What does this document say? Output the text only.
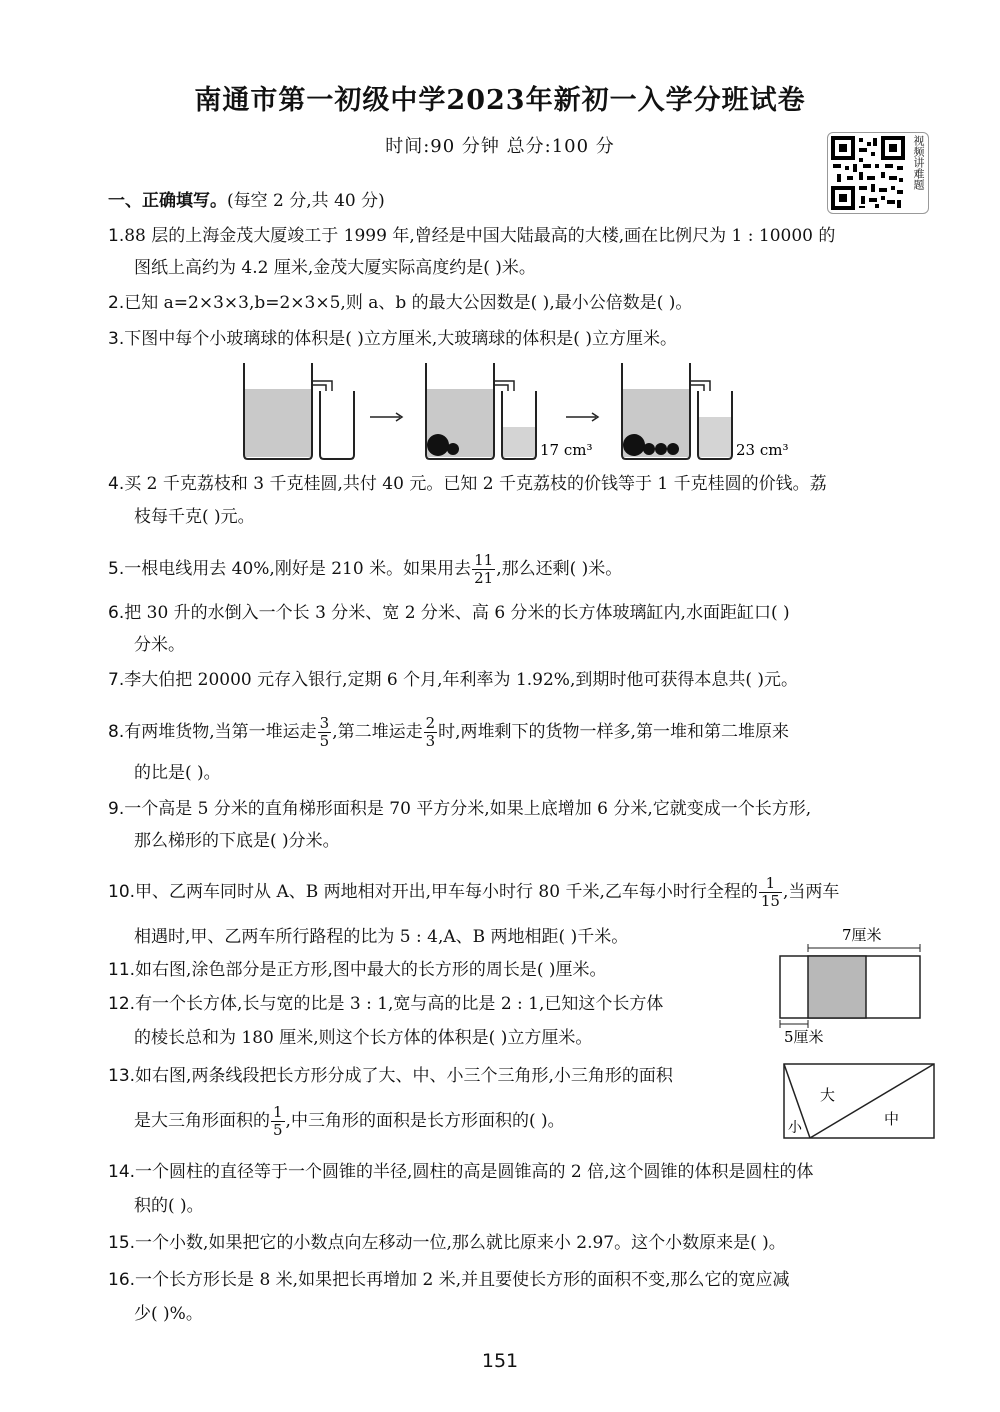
南通市第一初级中学2023年新初一入学分班试卷
时间:90 分钟 总分:100 分	视频讲难题
一、正确填写。(每空 2 分,共 40 分)
1.88 层的上海金茂大厦竣工于 1999 年,曾经是中国大陆最高的大楼,画在比例尺为 1 : 10000 的
图纸上高约为 4.2 厘米,金茂大厦实际高度约是( )米。
2.已知 a=2×3×3,b=2×3×5,则 a、b 的最大公因数是( ),最小公倍数是( )。
3.下图中每个小玻璃球的体积是( )立方厘米,大玻璃球的体积是( )立方厘米。
17 cm³	23 cm³
4.买 2 千克荔枝和 3 千克桂圆,共付 40 元。已知 2 千克荔枝的价钱等于 1 千克桂圆的价钱。荔
枝每千克( )元。
5.一根电线用去 40%,刚好是 210 米。如果用去 $\frac{11}{21}$ ,那么还剩( )米。
6.把 30 升的水倒入一个长 3 分米、宽 2 分米、高 6 分米的长方体玻璃缸内,水面距缸口( )
分米。
7.李大伯把 20000 元存入银行,定期 6 个月,年利率为 1.92%,到期时他可获得本息共( )元。
8.有两堆货物,当第一堆运走 $\frac{3}{5}$ ,第二堆运走 $\frac{2}{3}$ 时,两堆剩下的货物一样多,第一堆和第二堆原来
的比是( )。
9.一个高是 5 分米的直角梯形面积是 70 平方分米,如果上底增加 6 分米,它就变成一个长方形,
那么梯形的下底是( )分米。
10.甲、乙两车同时从 A、B 两地相对开出,甲车每小时行 80 千米,乙车每小时行全程的 $\frac{1}{15}$ ,当两车
相遇时,甲、乙两车所行路程的比为 5 : 4,A、B 两地相距( )千米。
11.如右图,涂色部分是正方形,图中最大的长方形的周长是( )厘米。
7厘米
5厘米
12.有一个长方体,长与宽的比是 3 : 1,宽与高的比是 2 : 1,已知这个长方体
的棱长总和为 180 厘米,则这个长方体的体积是( )立方厘米。
13.如右图,两条线段把长方形分成了大、中、小三个三角形,小三角形的面积
是大三角形面积的 $\frac{1}{5}$ ,中三角形的面积是长方形面积的( )。
大
中
小
14.一个圆柱的直径等于一个圆锥的半径,圆柱的高是圆锥高的 2 倍,这个圆锥的体积是圆柱的体
积的( )。
15.一个小数,如果把它的小数点向左移动一位,那么就比原来小 2.97。这个小数原来是( )。
16.一个长方形长是 8 米,如果把长再增加 2 米,并且要使长方形的面积不变,那么它的宽应减
少( )%。
151
